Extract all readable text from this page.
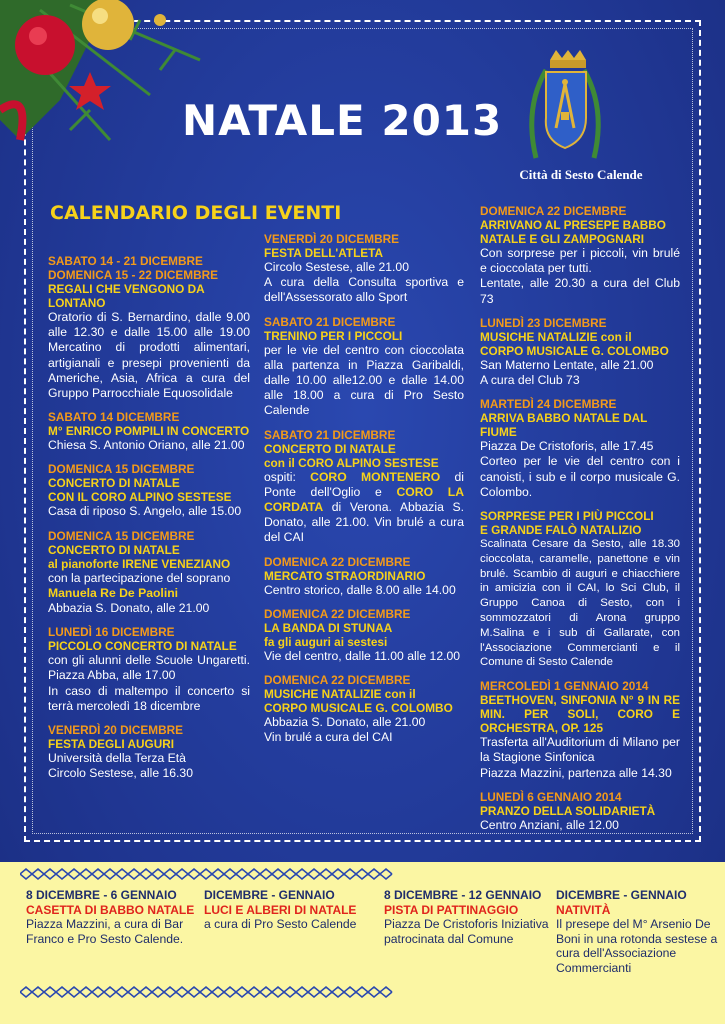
NATALE 2013
Città di Sesto Calende
CALENDARIO DEGLI EVENTI
SABATO 14 - 21 DICEMBRE
DOMENICA 15 - 22 DICEMBRE
REGALI CHE VENGONO DA LONTANO
Oratorio di S. Bernardino, dalle 9.00 alle 12.30 e dalle 15.00 alle 19.00 Mercatino di prodotti alimentari, artigianali e presepi provenienti da Americhe, Asia, Africa a cura del Gruppo Parrocchiale Equosolidale
SABATO 14 DICEMBRE
M° ENRICO POMPILI IN CONCERTO
Chiesa S. Antonio Oriano, alle 21.00
DOMENICA 15 DICEMBRE
CONCERTO DI NATALE
CON IL CORO ALPINO SESTESE
Casa di riposo S. Angelo, alle 15.00
DOMENICA 15 DICEMBRE
CONCERTO DI NATALE
al pianoforte IRENE VENEZIANO
con la partecipazione del soprano
Manuela Re De Paolini
Abbazia S. Donato, alle 21.00
LUNEDÌ 16 DICEMBRE
PICCOLO CONCERTO DI NATALE
con gli alunni delle Scuole Ungaretti. Piazza Abba, alle 17.00
In caso di maltempo il concerto si terrà mercoledì 18 dicembre
VENERDÌ 20 DICEMBRE
FESTA DEGLI AUGURI
Università della Terza Età
Circolo Sestese, alle 16.30
VENERDÌ 20 DICEMBRE
FESTA DELL'ATLETA
Circolo Sestese, alle 21.00
A cura della Consulta sportiva e dell'Assessorato allo Sport
SABATO 21 DICEMBRE
TRENINO PER I PICCOLI
per le vie del centro con cioccolata alla partenza in Piazza Garibaldi, dalle 10.00 alle12.00 e dalle 14.00 alle 18.00 a cura di Pro Sesto Calende
SABATO 21 DICEMBRE
CONCERTO DI NATALE
con il CORO ALPINO SESTESE
ospiti: CORO MONTENERO di Ponte dell'Oglio e CORO LA CORDATA di Verona. Abbazia S. Donato, alle 21.00. Vin brulé a cura del CAI
DOMENICA 22 DICEMBRE
MERCATO STRAORDINARIO
Centro storico, dalle 8.00 alle 14.00
DOMENICA 22 DICEMBRE
LA BANDA DI STUNAA
fa gli auguri ai sestesi
Vie del centro, dalle 11.00 alle 12.00
DOMENICA 22 DICEMBRE
MUSICHE NATALIZIE con il
CORPO MUSICALE G. COLOMBO
Abbazia S. Donato, alle 21.00
Vin brulé a cura del CAI
DOMENICA 22 DICEMBRE
ARRIVANO AL PRESEPE BABBO
NATALE E GLI ZAMPOGNARI
Con sorprese per i piccoli, vin brulé e cioccolata per tutti.
Lentate, alle 20.30 a cura del Club 73
LUNEDÌ 23 DICEMBRE
MUSICHE NATALIZIE con il
CORPO MUSICALE G. COLOMBO
San Materno Lentate, alle 21.00
A cura del Club 73
MARTEDÌ 24 DICEMBRE
ARRIVA BABBO NATALE DAL FIUME
Piazza De Cristoforis, alle 17.45
Corteo per le vie del centro con i canoisti, i sub e il corpo musicale G. Colombo.
SORPRESE PER I PIÙ PICCOLI
E GRANDE FALÒ NATALIZIO
Scalinata Cesare da Sesto, alle 18.30 cioccolata, caramelle, panettone e vin brulé. Scambio di auguri e chiacchiere in amicizia con il CAI, lo Sci Club, il Gruppo Canoa di Sesto, con i sommozzatori di Arona gruppo M.Salina e i sub di Gallarate, con l'Associazione Commercianti e il Comune di Sesto Calende
MERCOLEDÌ 1 GENNAIO 2014
BEETHOVEN, SINFONIA N° 9 IN RE MIN. PER SOLI, CORO E ORCHESTRA, OP. 125
Trasferta all'Auditorium di Milano per la Stagione Sinfonica
Piazza Mazzini, partenza alle 14.30
LUNEDÌ 6 GENNAIO 2014
PRANZO DELLA SOLIDARIETÀ
Centro Anziani, alle 12.00
8 DICEMBRE - 6 GENNAIO
CASETTA DI BABBO NATALE
Piazza Mazzini, a cura di Bar Franco e Pro Sesto Calende.
DICEMBRE - GENNAIO
LUCI E ALBERI DI NATALE
a cura di Pro Sesto Calende
8 DICEMBRE - 12 GENNAIO
PISTA DI PATTINAGGIO
Piazza De Cristoforis Iniziativa patrocinata dal Comune
DICEMBRE - GENNAIO
NATIVITÀ
Il presepe del M° Arsenio De Boni in una rotonda sestese a cura dell'Associazione Commercianti
